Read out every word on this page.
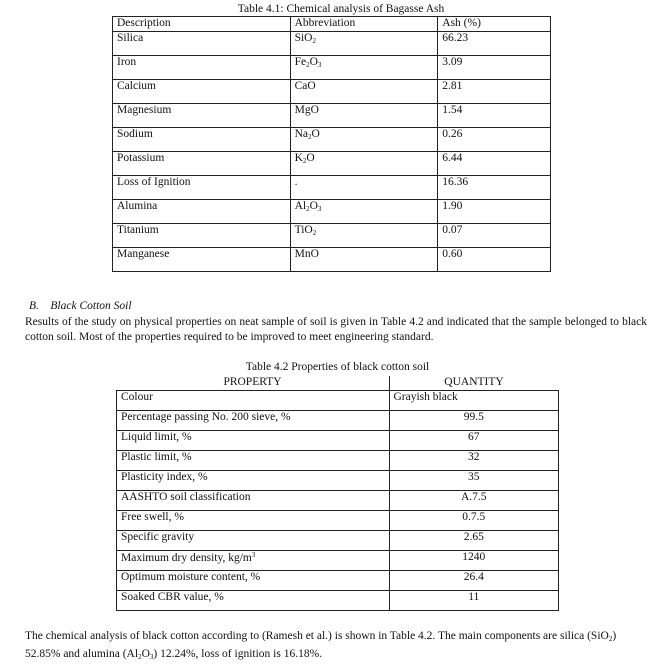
Table 4.1: Chemical analysis of Bagasse Ash
Description	Abbreviation	Ash (%)
Silica	SiO$_2$	66.23
Iron	$Fe_2O_3$	3.09
Calcium	CaO	2.81
Magnesium	MgO	1.54
Sodium	$Na_2O$	0.26
Potassium	$K_2O$	6.44
Loss of Ignition	.	16.36
Alumina	$Al_2O_3$	1.90
Titanium	TiO$_2$	0.07
Manganese	MnO	0.60
B. Black Cotton Soil
Results of the study on physical properties on neat sample of soil is given in Table 4.2 and indicated that the sample belonged to black cotton soil. Most of the properties required to be improved to meet engineering standard.
Table 4.2 Properties of black cotton soil
PROPERTY	QUANTITY
Colour	Grayish black
Percentage passing No. 200 sieve, %	99.5
Liquid limit, %	67
Plastic limit, %	32
Plasticity index, %	35
AASHTO soil classification	A.7.5
Free swell, %	0.7.5
Specific gravity	2.65
Maximum dry density, $kg/m^3$	1240
Optimum moisture content, %	26.4
Soaked CBR value, %	11
The chemical analysis of black cotton according to (Ramesh et al.) is shown in Table 4.2. The main components are silica (SiO$_2$)
52.85% and alumina $(Al_2O_3)$ 12.24%, loss of ignition is 16.18%.
